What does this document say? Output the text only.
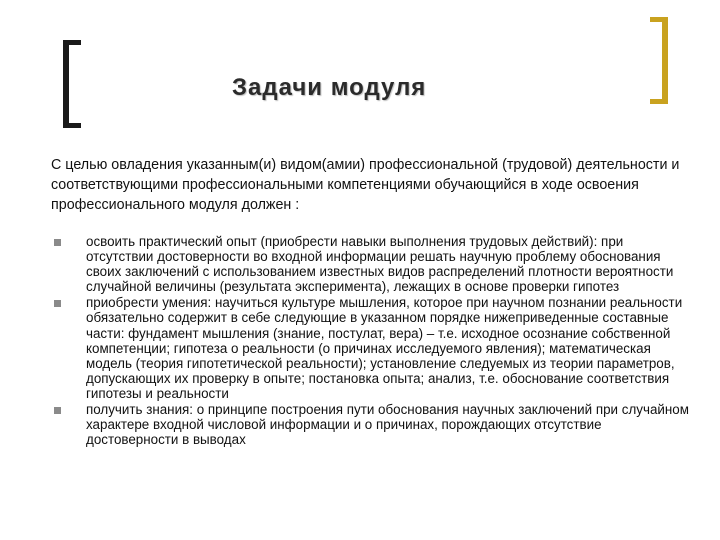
Задачи модуля
С целью овладения указанным(и) видом(амии) профессиональной (трудовой) деятельности и соответствующими профессиональными компетенциями обучающийся в ходе освоения профессионального модуля должен :
освоить практический опыт (приобрести навыки выполнения трудовых действий): при отсутствии достоверности во входной информации решать научную проблему обоснования своих заключений с использованием известных видов распределений плотности вероятности случайной величины (результата эксперимента), лежащих в основе проверки гипотез
приобрести умения: научиться культуре мышления, которое при научном познании реальности обязательно содержит в себе следующие в указанном порядке нижеприведенные составные части: фундамент мышления (знание, постулат, вера) – т.е. исходное осознание собственной компетенции; гипотеза о реальности (о причинах исследуемого явления); математическая модель (теория гипотетической реальности); установление следуемых из теории параметров, допускающих их проверку в опыте; постановка опыта; анализ, т.е. обоснование соответствия гипотезы и реальности
получить знания: о принципе построения пути обоснования научных заключений при случайном характере входной числовой информации и о причинах, порождающих отсутствие достоверности в выводах
